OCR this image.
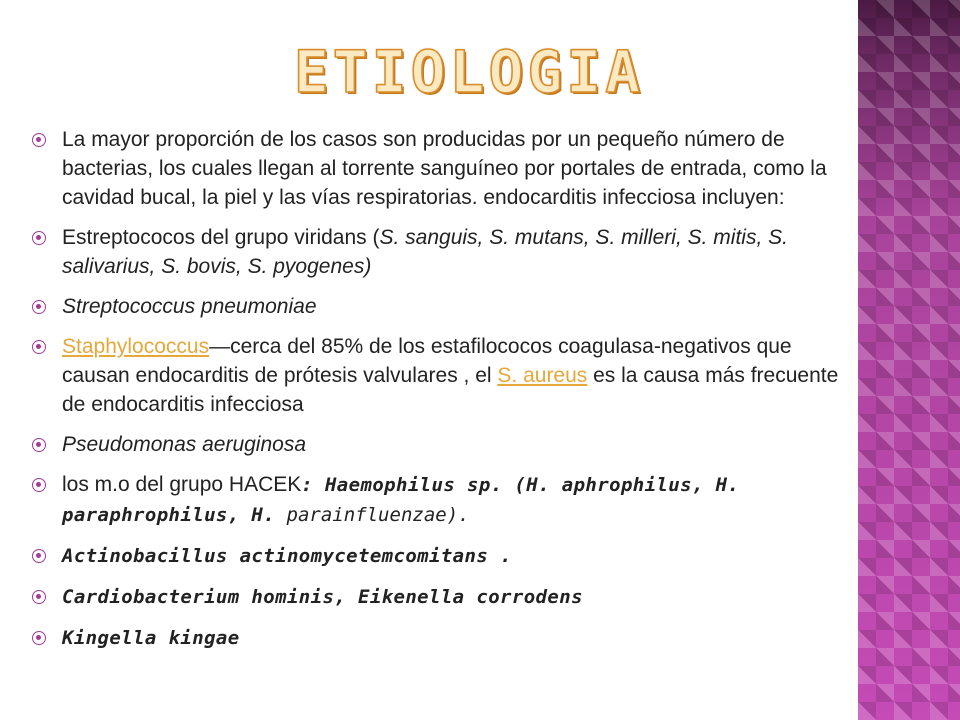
ETIOLOGIA
La mayor proporción de los casos son producidas por un pequeño número de bacterias, los cuales llegan al torrente sanguíneo por portales de entrada, como la cavidad bucal, la piel y las vías respiratorias. endocarditis infecciosa incluyen:
Estreptococos del grupo viridans (S. sanguis, S. mutans, S. milleri, S. mitis, S. salivarius, S. bovis, S. pyogenes)
Streptococcus pneumoniae
Staphylococcus—cerca del 85% de los estafilococos coagulasa-negativos que causan endocarditis de prótesis valvulares , el S. aureus es la causa más frecuente de endocarditis infecciosa
Pseudomonas aeruginosa
los m.o del grupo HACEK: Haemophilus sp. (H. aphrophilus, H. paraphrophilus, H. parainfluenzae).
Actinobacillus actinomycetemcomitans .
Cardiobacterium hominis, Eikenella corrodens
Kingella kingae
